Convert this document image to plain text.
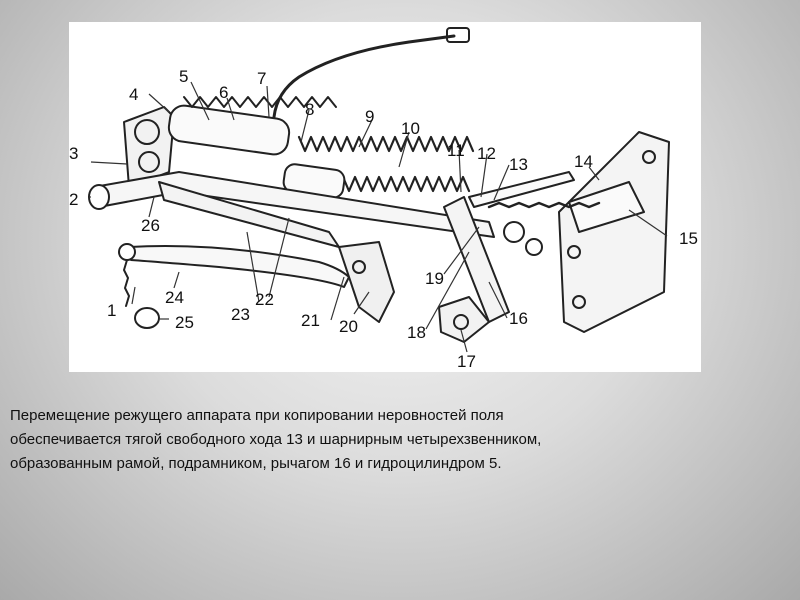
1
2
3
4
5
6
7
8	9
10
11 12
13	14
15
16
17
18
19
20
21
22
23
24
25
26

Перемещение режущего аппарата при копировании неровностей поля
обеспечивается тягой свободного хода 13 и шарнирным четырехзвенником,
образованным рамой, подрамником, рычагом 16 и гидроцилиндром 5.
